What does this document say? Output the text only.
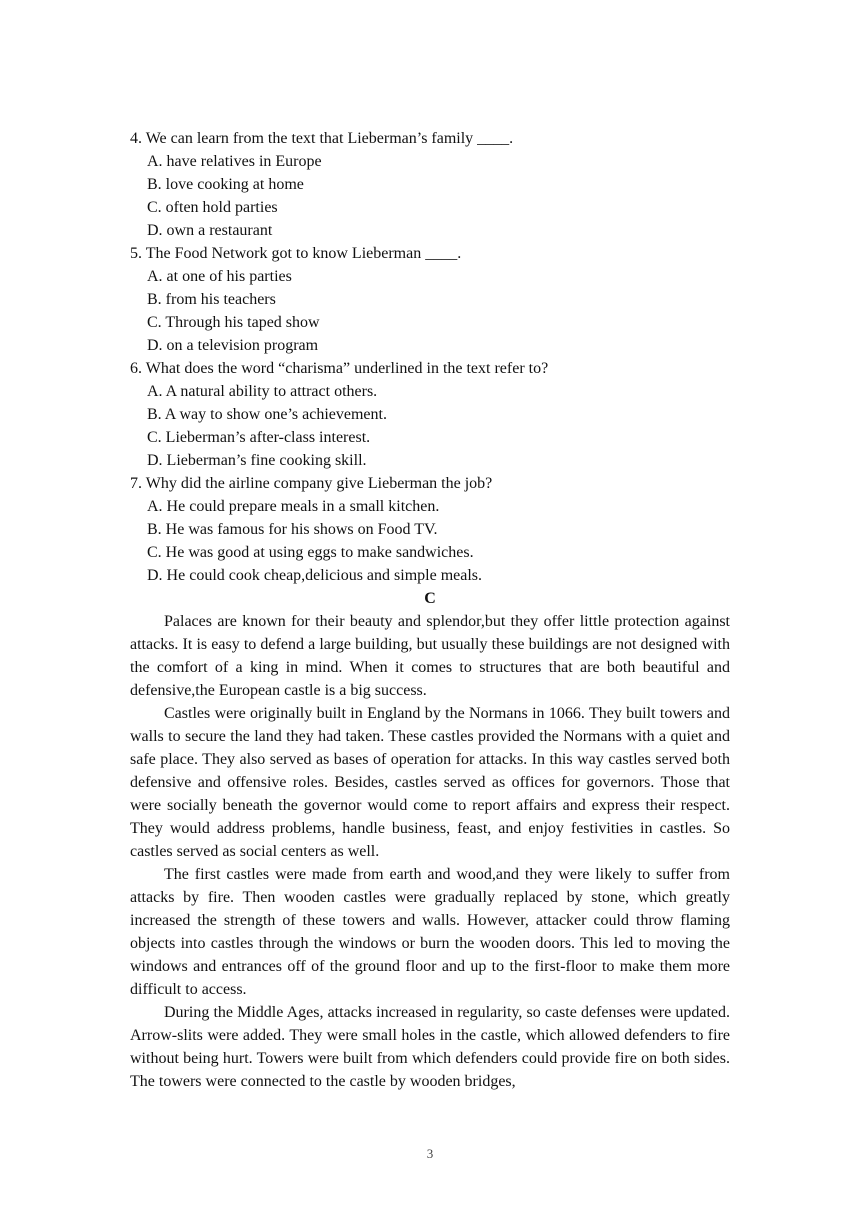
4. We can learn from the text that Lieberman’s family ____.

A. have relatives in Europe

B. love cooking at home

C. often hold parties

D. own a restaurant

5. The Food Network got to know Lieberman ____.

A. at one of his parties

B. from his teachers

C. Through his taped show

D. on a television program

6. What does the word “charisma” underlined in the text refer to?

A. A natural ability to attract others.

B. A way to show one’s achievement.

C. Lieberman’s after-class interest.

D. Lieberman’s fine cooking skill.

7. Why did the airline company give Lieberman the job?

A. He could prepare meals in a small kitchen.

B. He was famous for his shows on Food TV.

C. He was good at using eggs to make sandwiches.

D. He could cook cheap,delicious and simple meals.

C

Palaces are known for their beauty and splendor,but they offer little protection against attacks. It is easy to defend a large building, but usually these buildings are not designed with the comfort of a king in mind. When it comes to structures that are both beautiful and defensive,the European castle is a big success.

Castles were originally built in England by the Normans in 1066. They built towers and walls to secure the land they had taken. These castles provided the Normans with a quiet and safe place. They also served as bases of operation for attacks. In this way castles served both defensive and offensive roles. Besides, castles served as offices for governors. Those that were socially beneath the governor would come to report affairs and express their respect. They would address problems, handle business, feast, and enjoy festivities in castles. So castles served as social centers as well.

The first castles were made from earth and wood,and they were likely to suffer from attacks by fire. Then wooden castles were gradually replaced by stone, which greatly increased the strength of these towers and walls. However, attacker could throw flaming objects into castles through the windows or burn the wooden doors. This led to moving the windows and entrances off of the ground floor and up to the first-floor to make them more difficult to access.

During the Middle Ages, attacks increased in regularity, so caste defenses were updated. Arrow-slits were added. They were small holes in the castle, which allowed defenders to fire without being hurt. Towers were built from which defenders could provide fire on both sides. The towers were connected to the castle by wooden bridges,

3
